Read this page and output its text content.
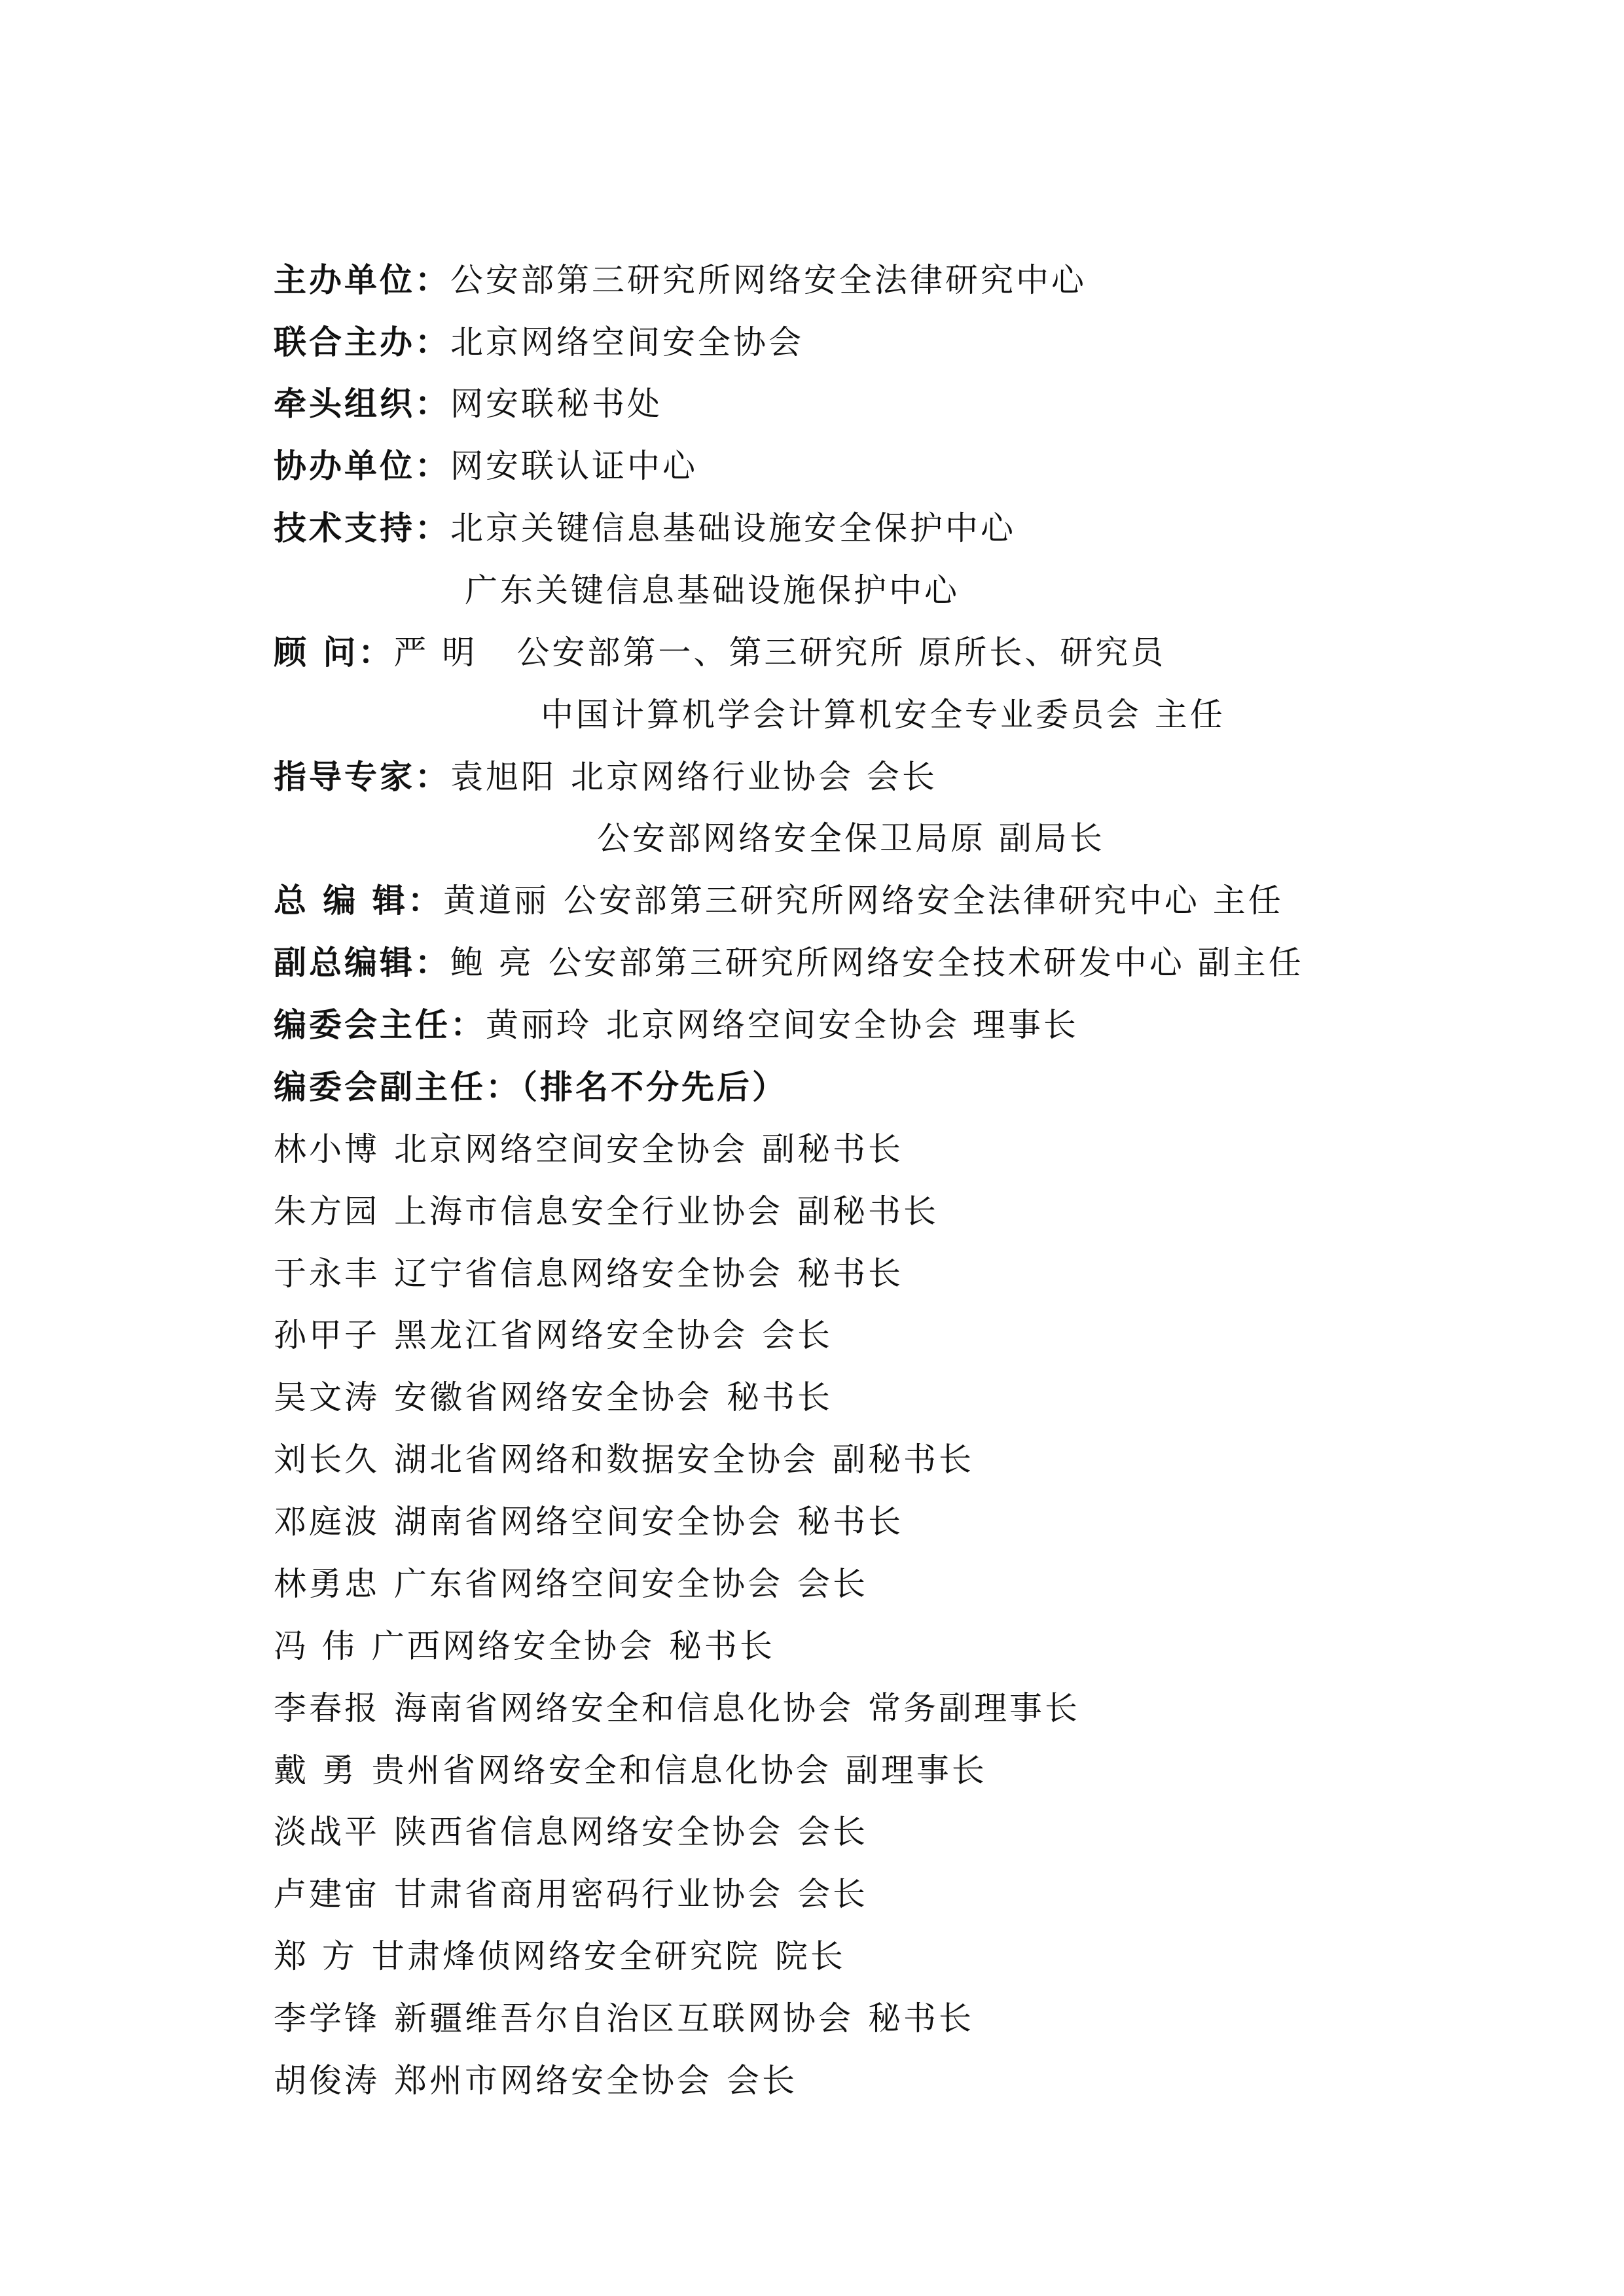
主办单位：公安部第三研究所网络安全法律研究中心
联合主办：北京网络空间安全协会
牵头组织：网安联秘书处
协办单位：网安联认证中心
技术支持：北京关键信息基础设施安全保护中心
广东关键信息基础设施保护中心
顾 问：严 明 公安部第一、第三研究所 原所长、研究员
中国计算机学会计算机安全专业委员会 主任
指导专家：袁旭阳 北京网络行业协会 会长
公安部网络安全保卫局原 副局长
总 编 辑：黄道丽 公安部第三研究所网络安全法律研究中心 主任
副总编辑：鲍 亮 公安部第三研究所网络安全技术研发中心 副主任
编委会主任：黄丽玲 北京网络空间安全协会 理事长
编委会副主任：（排名不分先后）
林小博 北京网络空间安全协会 副秘书长
朱方园 上海市信息安全行业协会 副秘书长
于永丰 辽宁省信息网络安全协会 秘书长
孙甲子 黑龙江省网络安全协会 会长
吴文涛 安徽省网络安全协会 秘书长
刘长久 湖北省网络和数据安全协会 副秘书长
邓庭波 湖南省网络空间安全协会 秘书长
林勇忠 广东省网络空间安全协会 会长
冯 伟 广西网络安全协会 秘书长
李春报 海南省网络安全和信息化协会 常务副理事长
戴 勇 贵州省网络安全和信息化协会 副理事长
淡战平 陕西省信息网络安全协会 会长
卢建宙 甘肃省商用密码行业协会 会长
郑 方 甘肃烽侦网络安全研究院 院长
李学锋 新疆维吾尔自治区互联网协会 秘书长
胡俊涛 郑州市网络安全协会 会长
